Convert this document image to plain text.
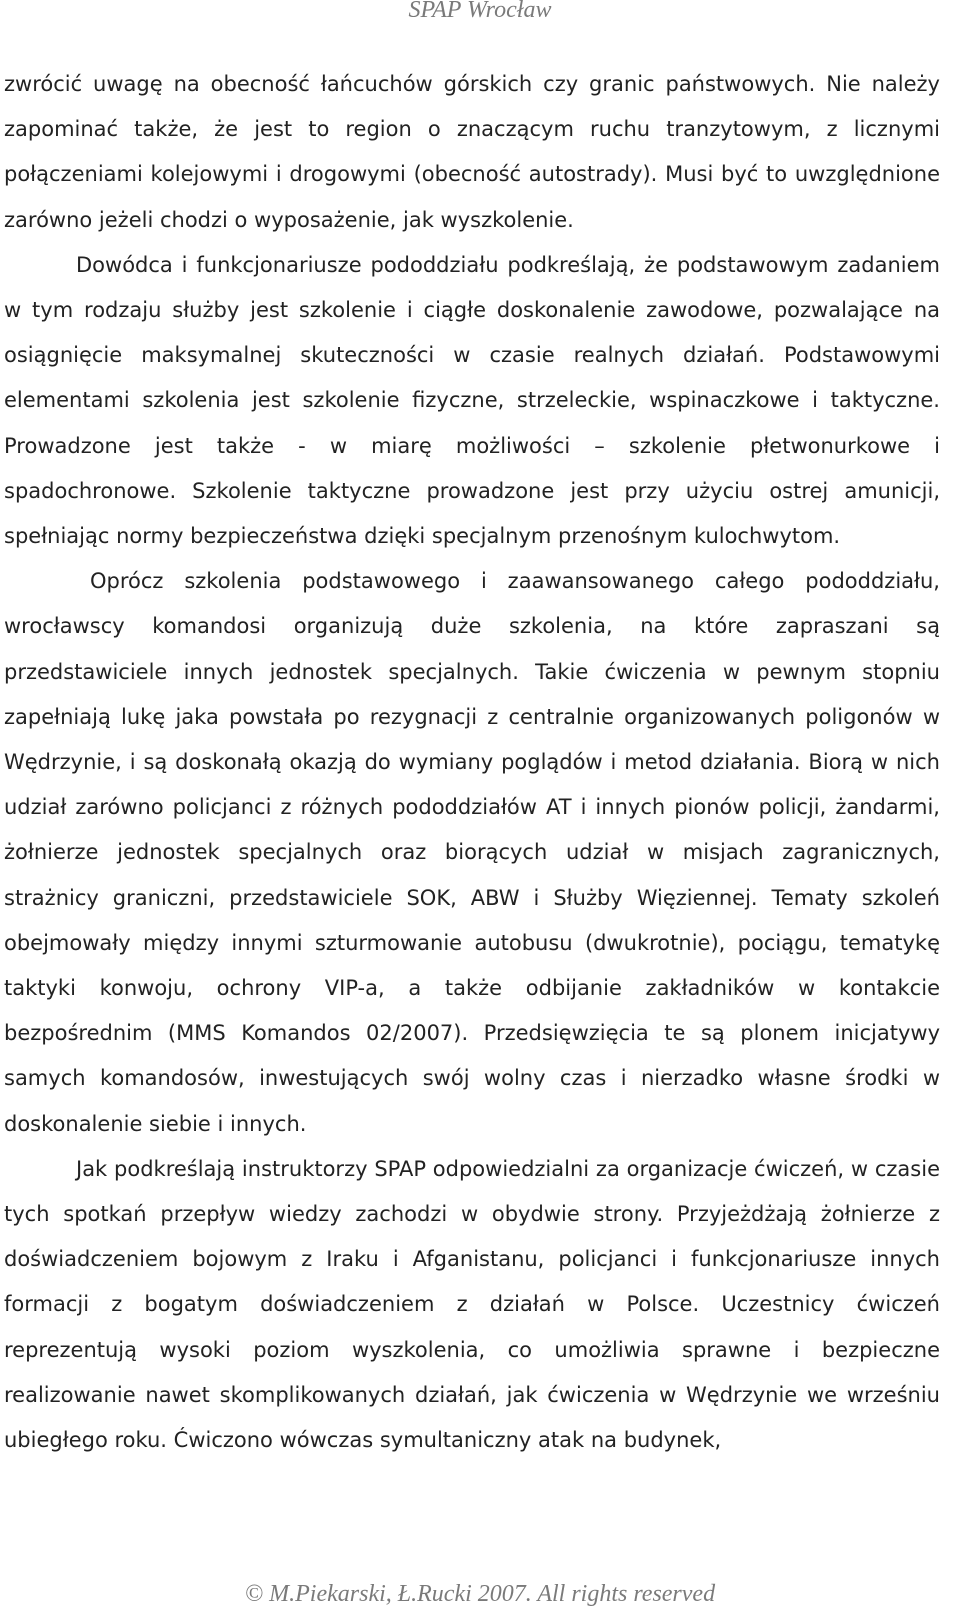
SPAP Wrocław

zwrócić uwagę na obecność łańcuchów górskich czy granic państwowych. Nie należy zapominać także, że jest to region o znaczącym ruchu tranzytowym, z licznymi połączeniami kolejowymi i drogowymi (obecność autostrady). Musi być to uwzględnione zarówno jeżeli chodzi o wyposażenie, jak wyszkolenie.

Dowódca i funkcjonariusze pododdziału podkreślają, że podstawowym zadaniem w tym rodzaju służby jest szkolenie i ciągłe doskonalenie zawodowe, pozwalające na osiągnięcie maksymalnej skuteczności w czasie realnych działań. Podstawowymi elementami szkolenia jest szkolenie fizyczne, strzeleckie, wspinaczkowe i taktyczne. Prowadzone jest także - w miarę możliwości – szkolenie płetwonurkowe i spadochronowe. Szkolenie taktyczne prowadzone jest przy użyciu ostrej amunicji, spełniając normy bezpieczeństwa dzięki specjalnym przenośnym kulochwytom.

Oprócz szkolenia podstawowego i zaawansowanego całego pododdziału, wrocławscy komandosi organizują duże szkolenia, na które zapraszani są przedstawiciele innych jednostek specjalnych. Takie ćwiczenia w pewnym stopniu zapełniają lukę jaka powstała po rezygnacji z centralnie organizowanych poligonów w Wędrzynie, i są doskonałą okazją do wymiany poglądów i metod działania. Biorą w nich udział zarówno policjanci z różnych pododdziałów AT i innych pionów policji, żandarmi, żołnierze jednostek specjalnych oraz biorących udział w misjach zagranicznych, strażnicy graniczni, przedstawiciele SOK, ABW i Służby Więziennej. Tematy szkoleń obejmowały między innymi szturmowanie autobusu (dwukrotnie), pociągu, tematykę taktyki konwoju, ochrony VIP-a, a także odbijanie zakładników w kontakcie bezpośrednim (MMS Komandos 02/2007). Przedsięwzięcia te są plonem inicjatywy samych komandosów, inwestujących swój wolny czas i nierzadko własne środki w doskonalenie siebie i innych.

Jak podkreślają instruktorzy SPAP odpowiedzialni za organizacje ćwiczeń, w czasie tych spotkań przepływ wiedzy zachodzi w obydwie strony. Przyjeżdżają żołnierze z doświadczeniem bojowym z Iraku i Afganistanu, policjanci i funkcjonariusze innych formacji z bogatym doświadczeniem z działań w Polsce. Uczestnicy ćwiczeń reprezentują wysoki poziom wyszkolenia, co umożliwia sprawne i bezpieczne realizowanie nawet skomplikowanych działań, jak ćwiczenia w Wędrzynie we wrześniu ubiegłego roku. Ćwiczono wówczas symultaniczny atak na budynek,

© M.Piekarski, Ł.Rucki 2007. All rights reserved
